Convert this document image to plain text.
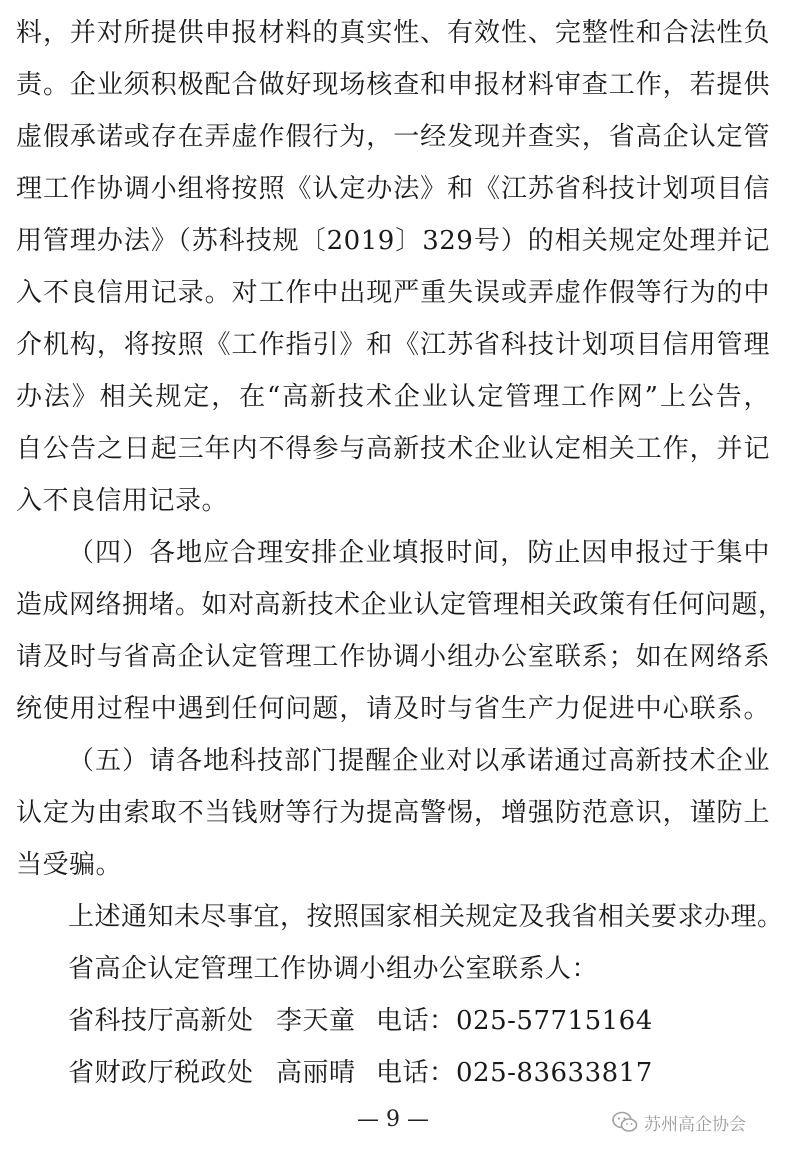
料，并对所提供申报材料的真实性、有效性、完整性和合法性负
责。企业须积极配合做好现场核查和申报材料审查工作，若提供
虚假承诺或存在弄虚作假行为，一经发现并查实，省高企认定管
理工作协调小组将按照《认定办法》和《江苏省科技计划项目信
用管理办法》（苏科技规〔2019〕329号）的相关规定处理并记
入不良信用记录。对工作中出现严重失误或弄虚作假等行为的中
介机构，将按照《工作指引》和《江苏省科技计划项目信用管理
办法》相关规定，在“高新技术企业认定管理工作网”上公告，
自公告之日起三年内不得参与高新技术企业认定相关工作，并记
入不良信用记录。
（四）各地应合理安排企业填报时间，防止因申报过于集中
造成网络拥堵。如对高新技术企业认定管理相关政策有任何问题，
请及时与省高企认定管理工作协调小组办公室联系；如在网络系
统使用过程中遇到任何问题，请及时与省生产力促进中心联系。
（五）请各地科技部门提醒企业对以承诺通过高新技术企业
认定为由索取不当钱财等行为提高警惕，增强防范意识，谨防上
当受骗。
上述通知未尽事宜，按照国家相关规定及我省相关要求办理。
省高企认定管理工作协调小组办公室联系人：
省科技厅高新处 李天童 电话：025-57715164
省财政厅税政处 高丽晴 电话：025-83633817
— 9 —	苏州高企协会
